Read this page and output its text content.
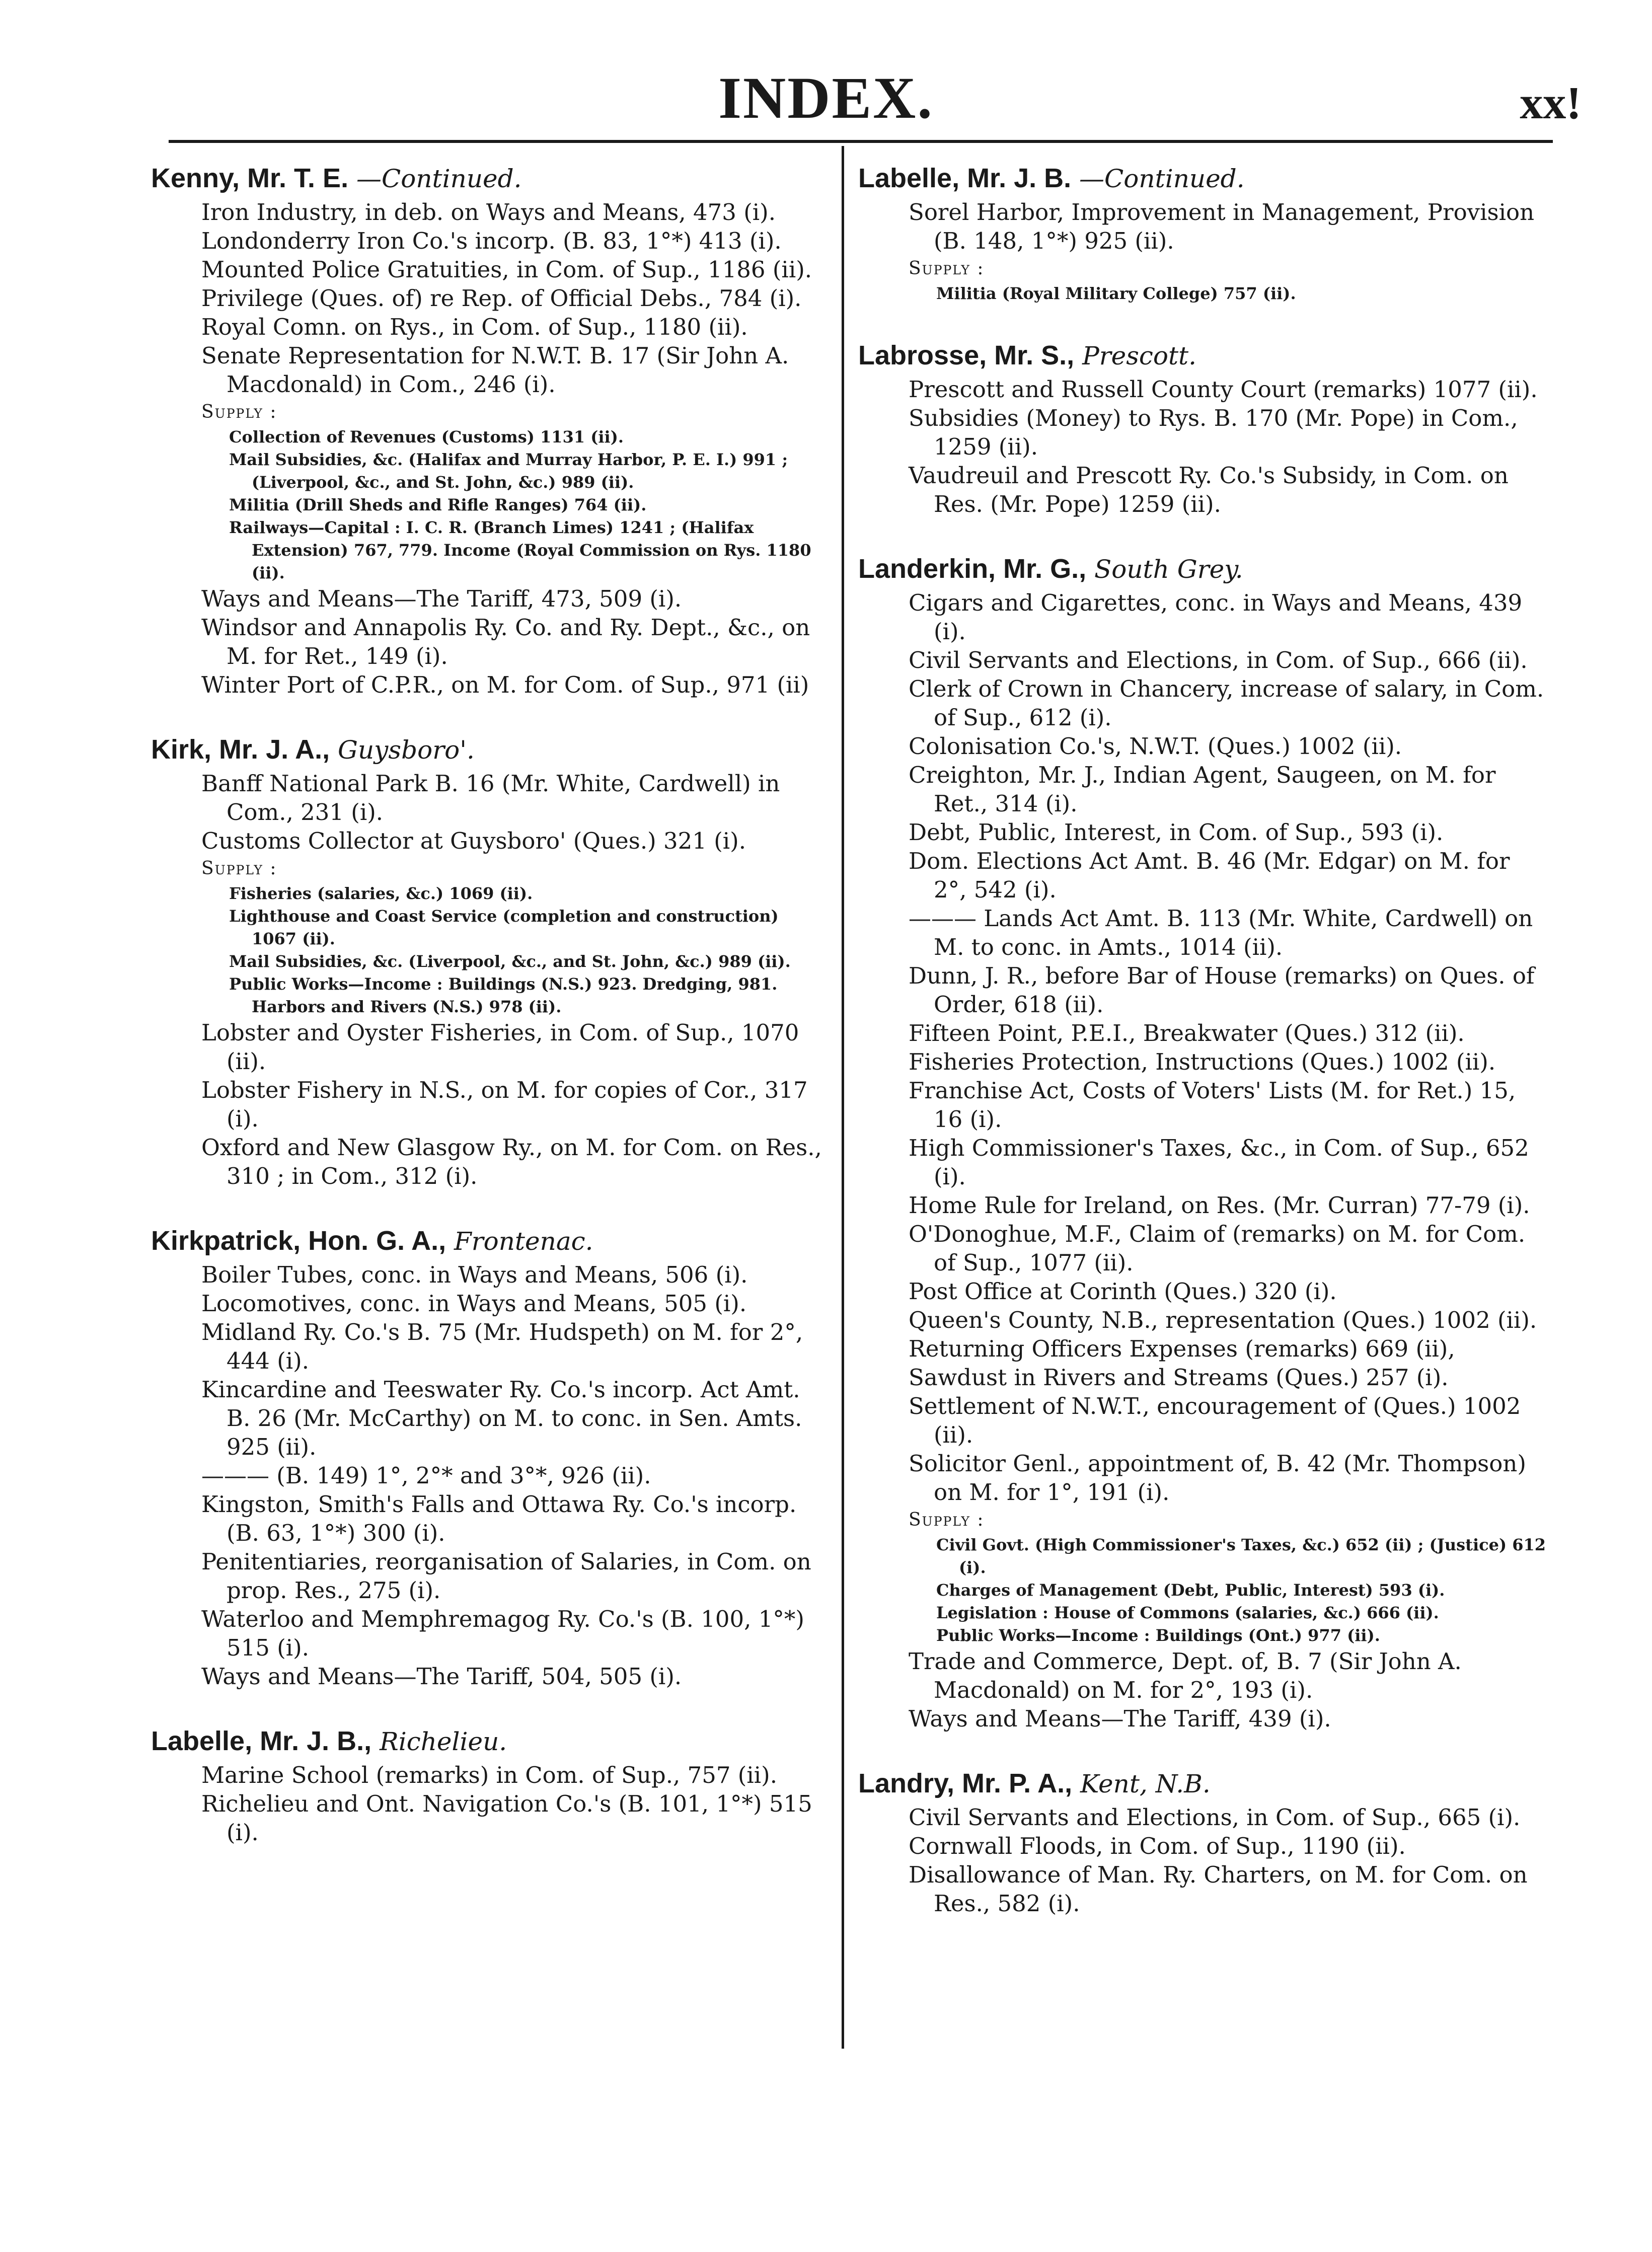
INDEX.	xx!
Kenny, Mr. T. E. —Continued.
Iron Industry, in deb. on Ways and Means, 473 (i).
Londonderry Iron Co.'s incorp. (B. 83, 1°*) 413 (i).
Mounted Police Gratuities, in Com. of Sup., 1186 (ii).
Privilege (Ques. of) re Rep. of Official Debs., 784 (i).
Royal Comn. on Rys., in Com. of Sup., 1180 (ii).
Senate Representation for N.W.T. B. 17 (Sir John A. Macdonald) in Com., 246 (i).
Supply :
Collection of Revenues (Customs) 1131 (ii).
Mail Subsidies, &c. (Halifax and Murray Harbor, P. E. I.) 991 ; (Liverpool, &c., and St. John, &c.) 989 (ii).
Militia (Drill Sheds and Rifle Ranges) 764 (ii).
Railways—Capital : I. C. R. (Branch Limes) 1241 ; (Halifax Extension) 767, 779. Income (Royal Commission on Rys. 1180 (ii).
Ways and Means—The Tariff, 473, 509 (i).
Windsor and Annapolis Ry. Co. and Ry. Dept., &c., on M. for Ret., 149 (i).
Winter Port of C.P.R., on M. for Com. of Sup., 971 (ii)
Kirk, Mr. J. A., Guysboro'.
Banff National Park B. 16 (Mr. White, Cardwell) in Com., 231 (i).
Customs Collector at Guysboro' (Ques.) 321 (i).
Supply :
Fisheries (salaries, &c.) 1069 (ii).
Lighthouse and Coast Service (completion and construction) 1067 (ii).
Mail Subsidies, &c. (Liverpool, &c., and St. John, &c.) 989 (ii).
Public Works—Income : Buildings (N.S.) 923. Dredging, 981. Harbors and Rivers (N.S.) 978 (ii).
Lobster and Oyster Fisheries, in Com. of Sup., 1070 (ii).
Lobster Fishery in N.S., on M. for copies of Cor., 317 (i).
Oxford and New Glasgow Ry., on M. for Com. on Res., 310 ; in Com., 312 (i).
Kirkpatrick, Hon. G. A., Frontenac.
Boiler Tubes, conc. in Ways and Means, 506 (i).
Locomotives, conc. in Ways and Means, 505 (i).
Midland Ry. Co.'s B. 75 (Mr. Hudspeth) on M. for 2°, 444 (i).
Kincardine and Teeswater Ry. Co.'s incorp. Act Amt. B. 26 (Mr. McCarthy) on M. to conc. in Sen. Amts. 925 (ii).
——— (B. 149) 1°, 2°* and 3°*, 926 (ii).
Kingston, Smith's Falls and Ottawa Ry. Co.'s incorp. (B. 63, 1°*) 300 (i).
Penitentiaries, reorganisation of Salaries, in Com. on prop. Res., 275 (i).
Waterloo and Memphremagog Ry. Co.'s (B. 100, 1°*) 515 (i).
Ways and Means—The Tariff, 504, 505 (i).
Labelle, Mr. J. B., Richelieu.
Marine School (remarks) in Com. of Sup., 757 (ii).
Richelieu and Ont. Navigation Co.'s (B. 101, 1°*) 515 (i).
Labelle, Mr. J. B. —Continued.
Sorel Harbor, Improvement in Management, Provision (B. 148, 1°*) 925 (ii).
Supply :
Militia (Royal Military College) 757 (ii).
Labrosse, Mr. S., Prescott.
Prescott and Russell County Court (remarks) 1077 (ii).
Subsidies (Money) to Rys. B. 170 (Mr. Pope) in Com., 1259 (ii).
Vaudreuil and Prescott Ry. Co.'s Subsidy, in Com. on Res. (Mr. Pope) 1259 (ii).
Landerkin, Mr. G., South Grey.
Cigars and Cigarettes, conc. in Ways and Means, 439 (i).
Civil Servants and Elections, in Com. of Sup., 666 (ii).
Clerk of Crown in Chancery, increase of salary, in Com. of Sup., 612 (i).
Colonisation Co.'s, N.W.T. (Ques.) 1002 (ii).
Creighton, Mr. J., Indian Agent, Saugeen, on M. for Ret., 314 (i).
Debt, Public, Interest, in Com. of Sup., 593 (i).
Dom. Elections Act Amt. B. 46 (Mr. Edgar) on M. for 2°, 542 (i).
——— Lands Act Amt. B. 113 (Mr. White, Cardwell) on M. to conc. in Amts., 1014 (ii).
Dunn, J. R., before Bar of House (remarks) on Ques. of Order, 618 (ii).
Fifteen Point, P.E.I., Breakwater (Ques.) 312 (ii).
Fisheries Protection, Instructions (Ques.) 1002 (ii).
Franchise Act, Costs of Voters' Lists (M. for Ret.) 15, 16 (i).
High Commissioner's Taxes, &c., in Com. of Sup., 652 (i).
Home Rule for Ireland, on Res. (Mr. Curran) 77-79 (i).
O'Donoghue, M.F., Claim of (remarks) on M. for Com. of Sup., 1077 (ii).
Post Office at Corinth (Ques.) 320 (i).
Queen's County, N.B., representation (Ques.) 1002 (ii).
Returning Officers Expenses (remarks) 669 (ii),
Sawdust in Rivers and Streams (Ques.) 257 (i).
Settlement of N.W.T., encouragement of (Ques.) 1002 (ii).
Solicitor Genl., appointment of, B. 42 (Mr. Thompson) on M. for 1°, 191 (i).
Supply :
Civil Govt. (High Commissioner's Taxes, &c.) 652 (ii) ; (Justice) 612 (i).
Charges of Management (Debt, Public, Interest) 593 (i).
Legislation : House of Commons (salaries, &c.) 666 (ii).
Public Works—Income : Buildings (Ont.) 977 (ii).
Trade and Commerce, Dept. of, B. 7 (Sir John A. Macdonald) on M. for 2°, 193 (i).
Ways and Means—The Tariff, 439 (i).
Landry, Mr. P. A., Kent, N.B.
Civil Servants and Elections, in Com. of Sup., 665 (i).
Cornwall Floods, in Com. of Sup., 1190 (ii).
Disallowance of Man. Ry. Charters, on M. for Com. on Res., 582 (i).
